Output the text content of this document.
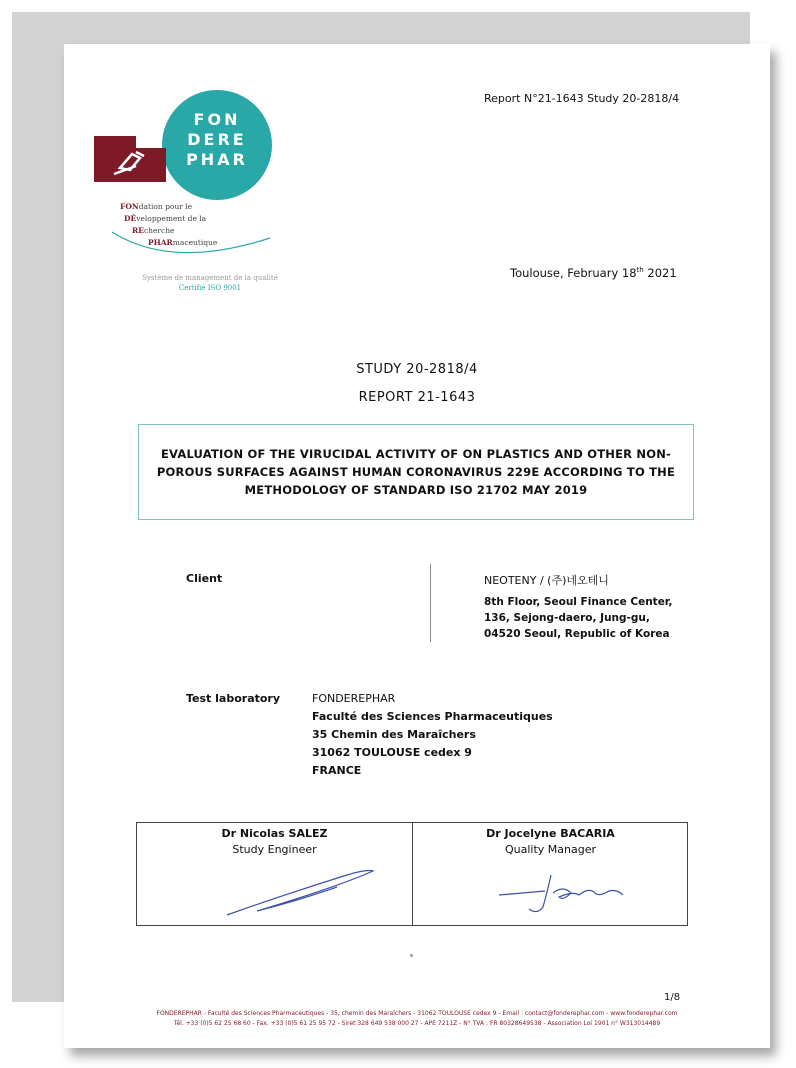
Report N°21-1643 Study 20-2818/4
FON
DERE
PHAR
FONdation pour le
DÉveloppement de la
REcherche
PHARmaceutique
Système de management de la qualité
Certifié ISO 9001
Toulouse, February 18th 2021
STUDY 20-2818/4
REPORT 21-1643
EVALUATION OF THE VIRUCIDAL ACTIVITY OF ON PLASTICS AND OTHER NON-POROUS SURFACES AGAINST HUMAN CORONAVIRUS 229E ACCORDING TO THE METHODOLOGY OF STANDARD ISO 21702 MAY 2019
Client	NEOTENY / (주)네오테니
8th Floor, Seoul Finance Center,
136, Sejong-daero, Jung-gu,
04520 Seoul, Republic of Korea
Test laboratory	FONDEREPHAR
Faculté des Sciences Pharmaceutiques
35 Chemin des Maraîchers
31062 TOULOUSE cedex 9
FRANCE
Dr Nicolas SALEZ
Study Engineer
Dr Jocelyne BACARIA
Quality Manager
1/8
FONDEREPHAR - Faculté des Sciences Pharmaceutiques - 35, chemin des Maraîchers - 31062 TOULOUSE cedex 9 - Email : contact@fonderephar.com - www.fonderephar.com
Tél. +33 (0)5 62 25 68 60 - Fax. +33 (0)5 61 25 95 72 - Siret 328 649 538 000 27 - APE 7211Z - N° TVA : FR 80328649538 - Association Loi 1901 n° W313014489
